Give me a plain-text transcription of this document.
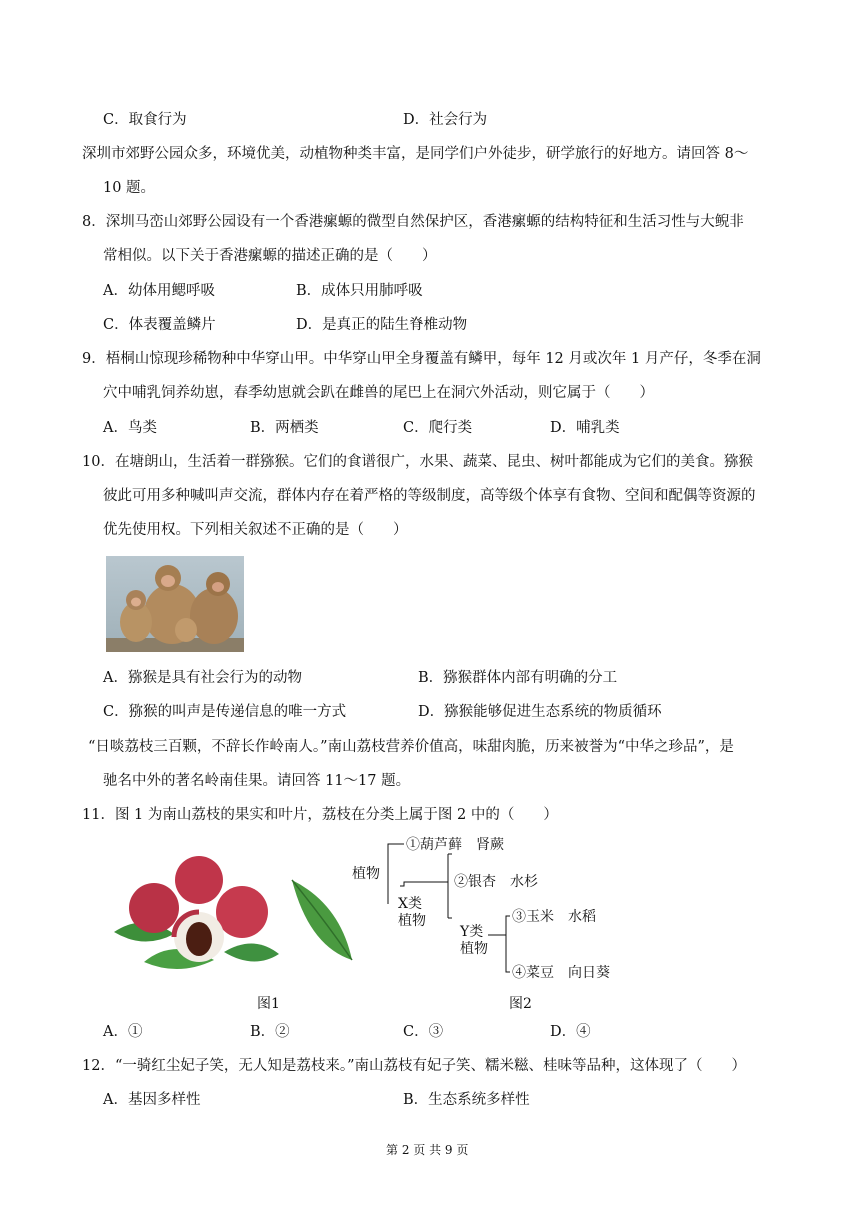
C．取食行为	D．社会行为
深圳市郊野公园众多，环境优美，动植物种类丰富，是同学们户外徒步，研学旅行的好地方。请回答 8～
10 题。
8．深圳马峦山郊野公园设有一个香港瘰螈的微型自然保护区，香港瘰螈的结构特征和生活习性与大鲵非
常相似。以下关于香港瘰螈的描述正确的是（　　）
A．幼体用鳃呼吸	B．成体只用肺呼吸
C．体表覆盖鳞片	D．是真正的陆生脊椎动物
9．梧桐山惊现珍稀物种中华穿山甲。中华穿山甲全身覆盖有鳞甲，每年 12 月或次年 1 月产仔，冬季在洞
穴中哺乳饲养幼崽，春季幼崽就会趴在雌兽的尾巴上在洞穴外活动，则它属于（　　）
A．鸟类	B．两栖类	C．爬行类	D．哺乳类
10．在塘朗山，生活着一群猕猴。它们的食谱很广，水果、蔬菜、昆虫、树叶都能成为它们的美食。猕猴
彼此可用多种喊叫声交流，群体内存在着严格的等级制度，高等级个体享有食物、空间和配偶等资源的
优先使用权。下列相关叙述不正确的是（　　）
A．猕猴是具有社会行为的动物	B．猕猴群体内部有明确的分工
C．猕猴的叫声是传递信息的唯一方式	D．猕猴能够促进生态系统的物质循环
“日啖荔枝三百颗，不辞长作岭南人。”南山荔枝营养价值高，味甜肉脆，历来被誉为“中华之珍品”，是
驰名中外的著名岭南佳果。请回答 11～17 题。
11．图 1 为南山荔枝的果实和叶片，荔枝在分类上属于图 2 中的（　　）
图1
植物
①葫芦藓　肾蕨
X类
植物
②银杏　水杉
Y类
植物
③玉米　水稻
④菜豆　向日葵
图2
A．①	B．②	C．③	D．④
12．“一骑红尘妃子笑，无人知是荔枝来。”南山荔枝有妃子笑、糯米糍、桂味等品种，这体现了（　　）
A．基因多样性	B．生态系统多样性
第 2 页 共 9 页
